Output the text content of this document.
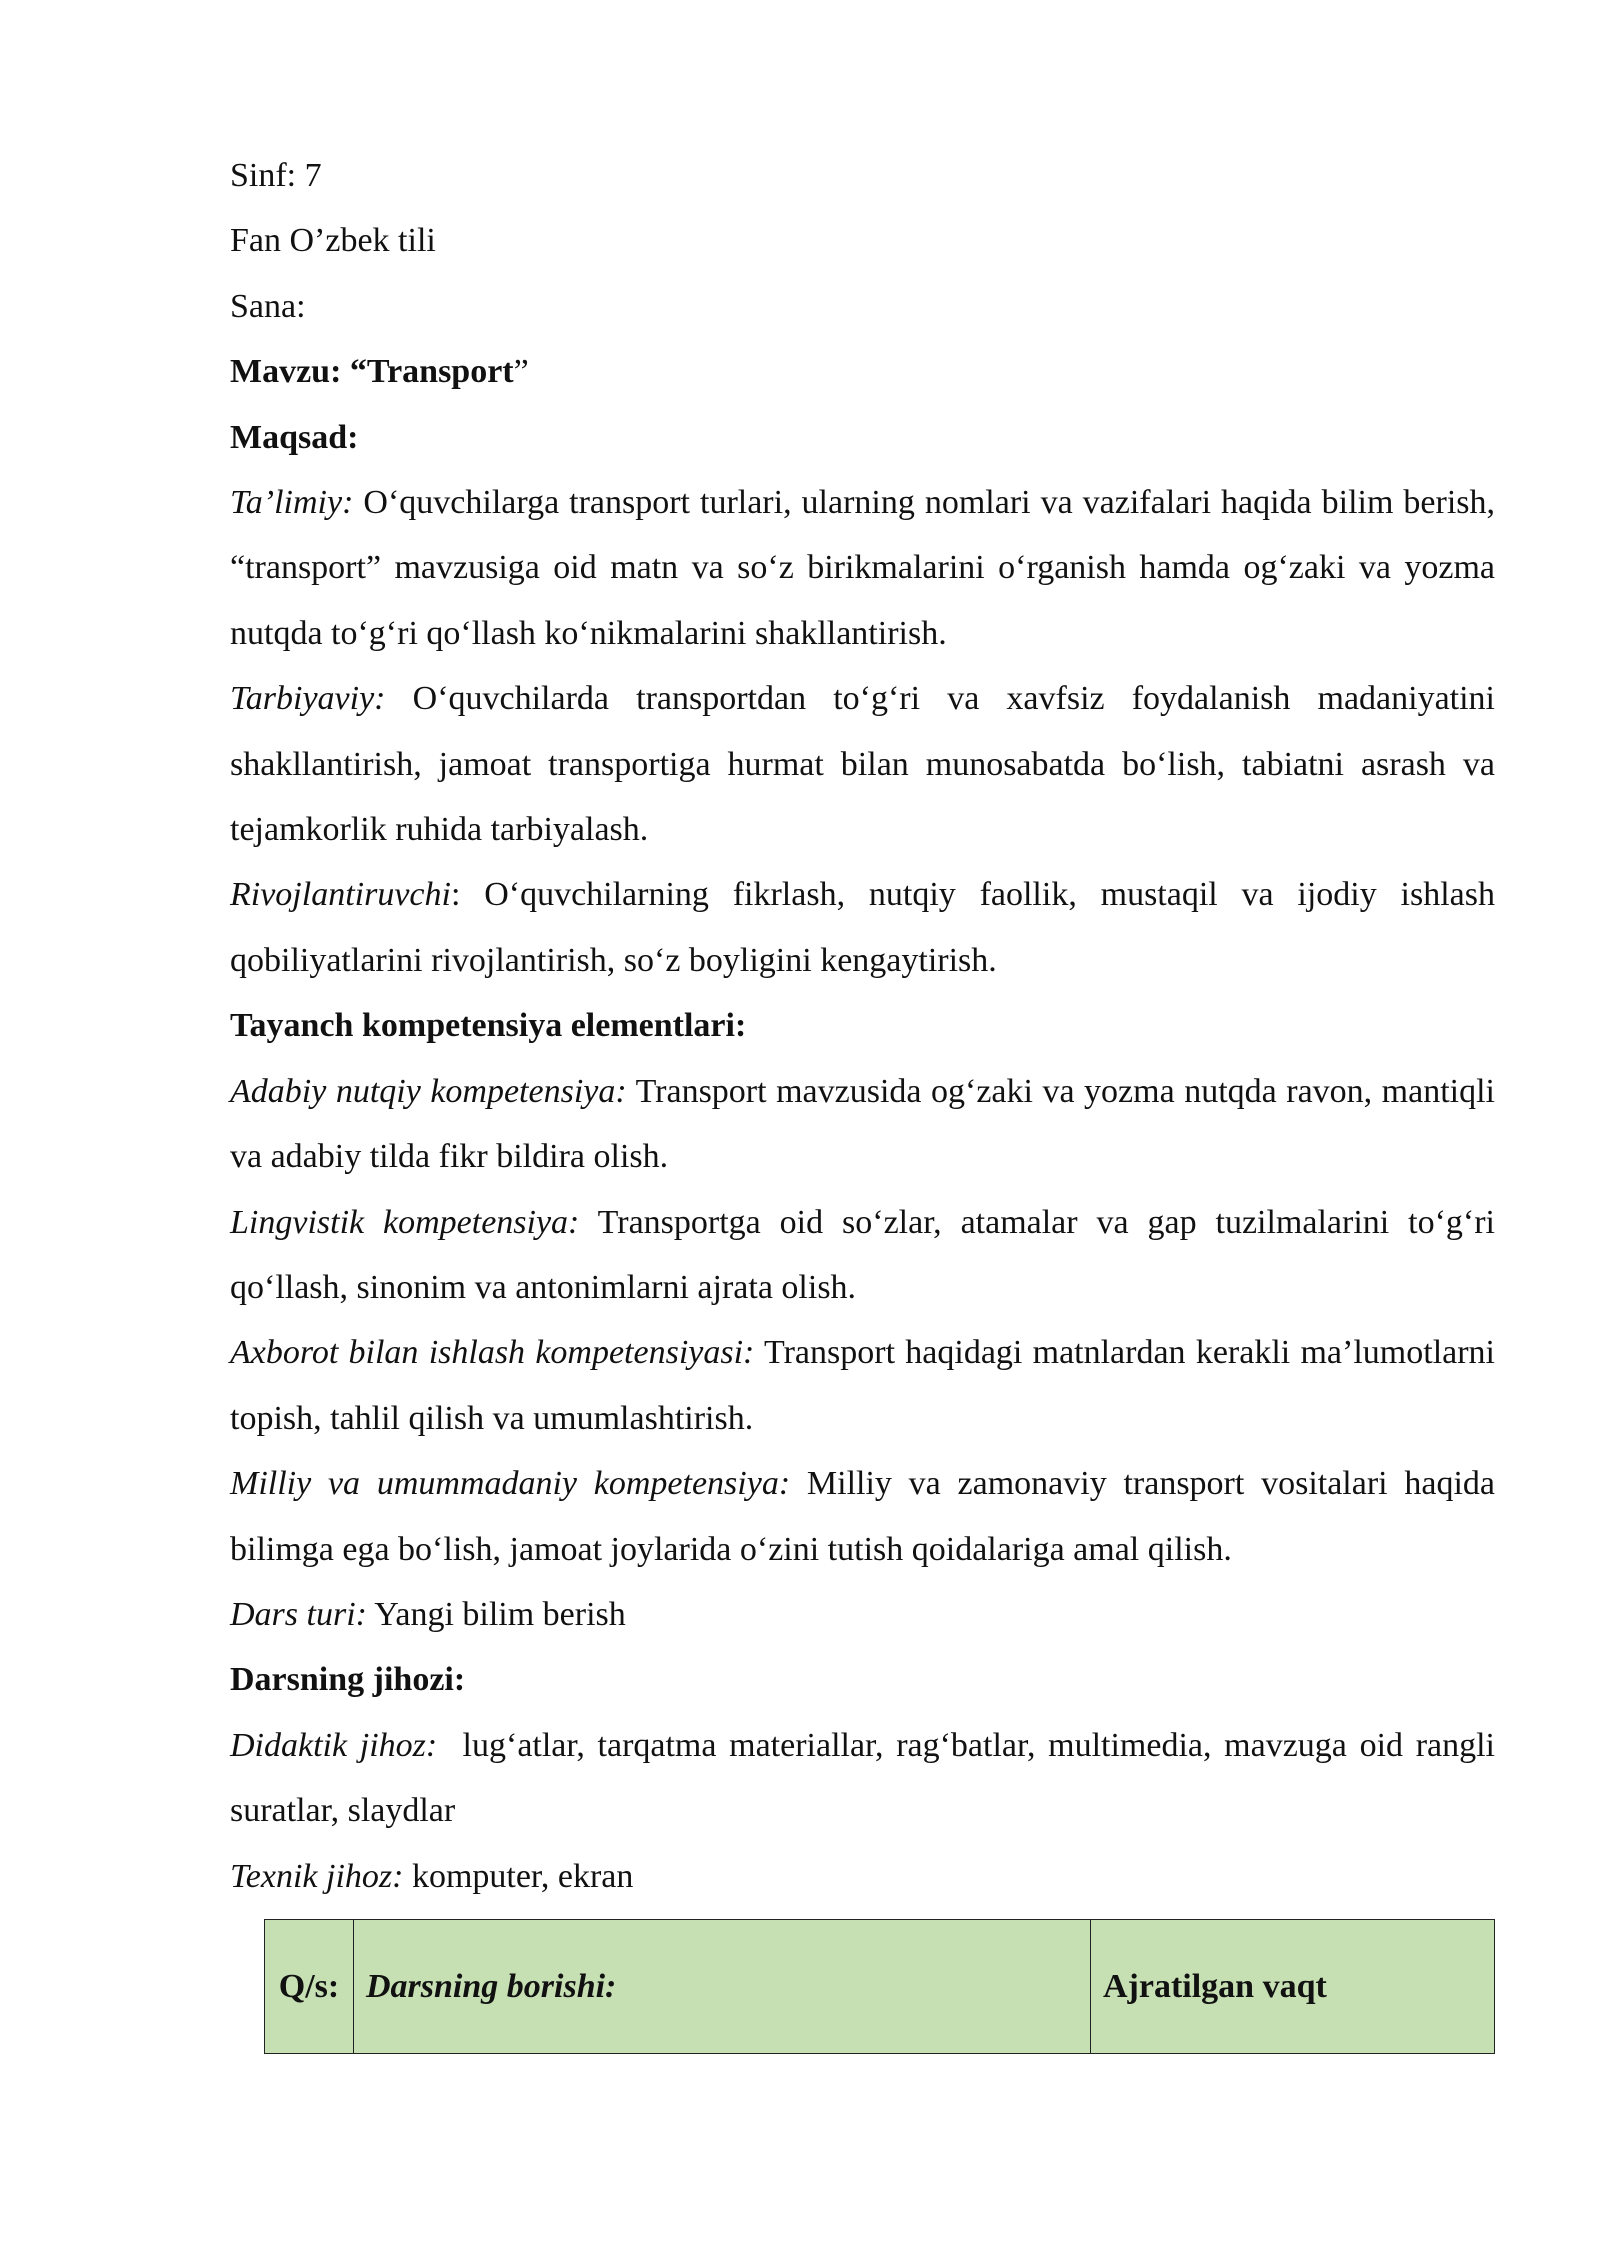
Sinf: 7
Fan O’zbek tili
Sana:
Mavzu: “Transport”
Maqsad:
Ta’limiy: O‘quvchilarga transport turlari, ularning nomlari va vazifalari haqida bilim berish, “transport” mavzusiga oid matn va so‘z birikmalarini o‘rganish hamda og‘zaki va yozma nutqda to‘g‘ri qo‘llash ko‘nikmalarini shakllantirish.
Tarbiyaviy: O‘quvchilarda transportdan to‘g‘ri va xavfsiz foydalanish madaniyatini shakllantirish, jamoat transportiga hurmat bilan munosabatda bo‘lish, tabiatni asrash va tejamkorlik ruhida tarbiyalash.
Rivojlantiruvchi: O‘quvchilarning fikrlash, nutqiy faollik, mustaqil va ijodiy ishlash qobiliyatlarini rivojlantirish, so‘z boyligini kengaytirish.
Tayanch kompetensiya elementlari:
Adabiy nutqiy kompetensiya: Transport mavzusida og‘zaki va yozma nutqda ravon, mantiqli va adabiy tilda fikr bildira olish.
Lingvistik kompetensiya: Transportga oid so‘zlar, atamalar va gap tuzilmalarini to‘g‘ri qo‘llash, sinonim va antonimlarni ajrata olish.
Axborot bilan ishlash kompetensiyasi: Transport haqidagi matnlardan kerakli ma’lumotlarni topish, tahlil qilish va umumlashtirish.
Milliy va umummadaniy kompetensiya: Milliy va zamonaviy transport vositalari haqida bilimga ega bo‘lish, jamoat joylarida o‘zini tutish qoidalariga amal qilish.
Dars turi: Yangi bilim berish
Darsning jihozi:
Didaktik jihoz:  lug‘atlar, tarqatma materiallar, rag‘batlar, multimedia, mavzuga oid rangli suratlar, slaydlar
Texnik jihoz: komputer, ekran
Q/s:	Darsning borishi:	Ajratilgan vaqt
